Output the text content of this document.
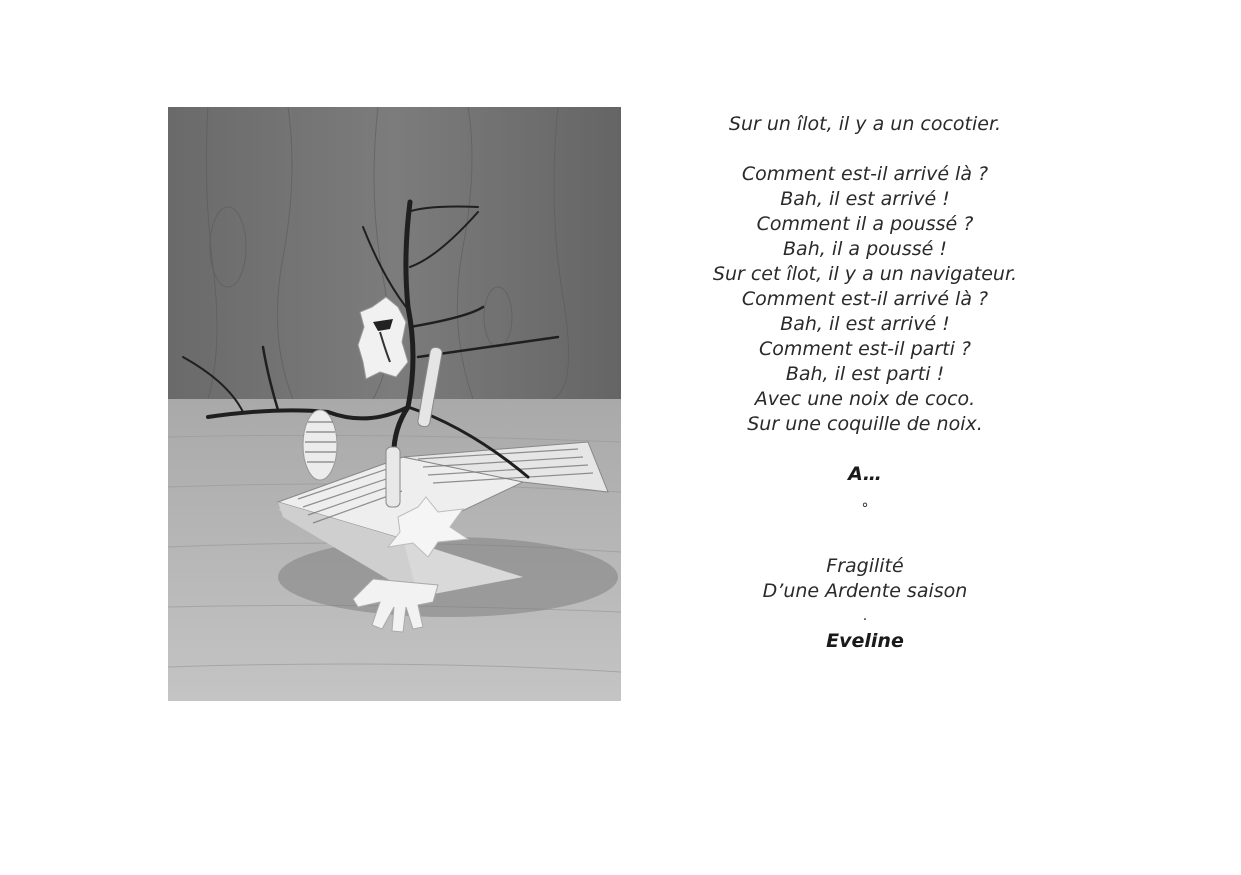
Sur un îlot, il y a un cocotier.
Comment est-il arrivé là ?
Bah, il est arrivé !
Comment il a poussé ?
Bah, il a poussé !
Sur cet îlot, il y a un navigateur.
Comment est-il arrivé là ?
Bah, il est arrivé !
Comment est-il parti ?
Bah, il est parti !
Avec une noix de coco.
Sur une coquille de noix.
A…
°
Fragilité
D’une Ardente saison
.
Eveline
